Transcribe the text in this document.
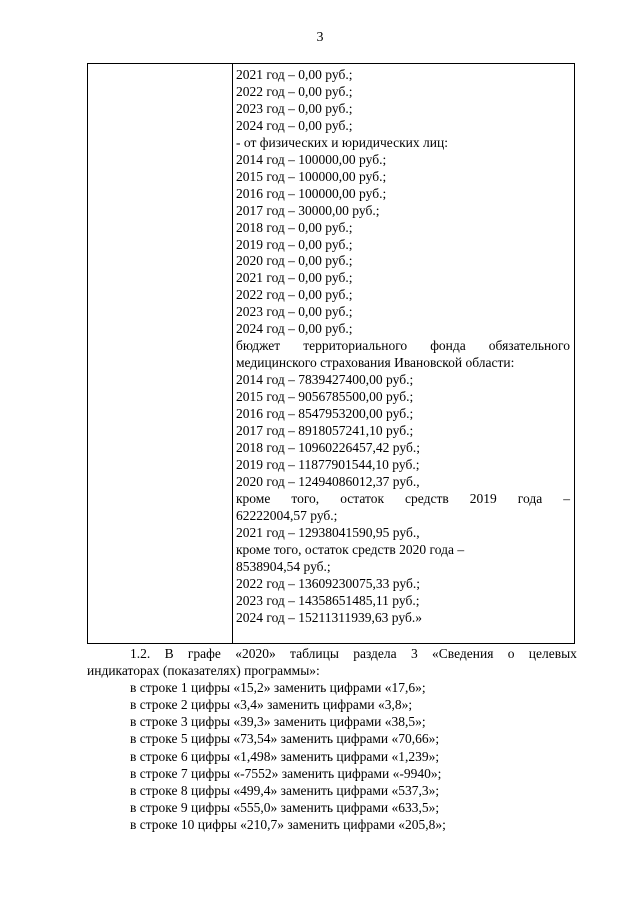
3
2021 год – 0,00 руб.;
2022 год – 0,00 руб.;
2023 год – 0,00 руб.;
2024 год – 0,00 руб.;
- от физических и юридических лиц:
2014 год – 100000,00 руб.;
2015 год – 100000,00 руб.;
2016 год – 100000,00 руб.;
2017 год – 30000,00 руб.;
2018 год – 0,00 руб.;
2019 год – 0,00 руб.;
2020 год – 0,00 руб.;
2021 год – 0,00 руб.;
2022 год – 0,00 руб.;
2023 год – 0,00 руб.;
2024 год – 0,00 руб.;
бюджет территориального фонда обязательного
медицинского страхования Ивановской области:
2014 год – 7839427400,00 руб.;
2015 год – 9056785500,00 руб.;
2016 год – 8547953200,00 руб.;
2017 год – 8918057241,10 руб.;
2018 год – 10960226457,42 руб.;
2019 год – 11877901544,10 руб.;
2020 год – 12494086012,37 руб.,
кроме того, остаток средств 2019 года –
62222004,57 руб.;
2021 год – 12938041590,95 руб.,
кроме того, остаток средств 2020 года –
8538904,54 руб.;
2022 год – 13609230075,33 руб.;
2023 год – 14358651485,11 руб.;
2024 год – 15211311939,63 руб.»
1.2. В графе «2020» таблицы раздела 3 «Сведения о целевых
индикаторах (показателях) программы»:
в строке 1 цифры «15,2» заменить цифрами «17,6»;
в строке 2 цифры «3,4» заменить цифрами «3,8»;
в строке 3 цифры «39,3» заменить цифрами «38,5»;
в строке 5 цифры «73,54» заменить цифрами «70,66»;
в строке 6 цифры «1,498» заменить цифрами «1,239»;
в строке 7 цифры «-7552» заменить цифрами «-9940»;
в строке 8 цифры «499,4» заменить цифрами «537,3»;
в строке 9 цифры «555,0» заменить цифрами «633,5»;
в строке 10 цифры «210,7» заменить цифрами «205,8»;
